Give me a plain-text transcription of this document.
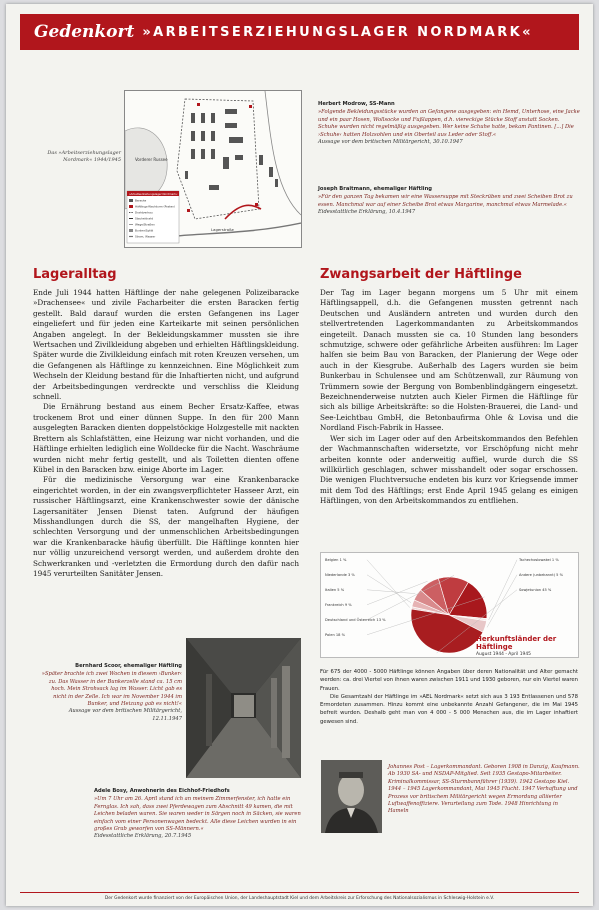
Gedenkort »ARBEITSERZIEHUNGSLAGER NORDMARK«
Das »Arbeitserziehungslager Nordmark« 1944/1945	Vorderer Russee
Lagerstraße
»Arbeitserziehungslager Nordmark«
Baracke
Häftlings-Wachturm (Posten)
Drahtverhau
Stacheldraht
Wege/Straßen
Bunker/Splitt
Strom, Wasser
Herbert Modrow, SS-Mann
»Folgende Bekleidungsstücke wurden an Gefangene ausgegeben: ein Hemd, Unterhose, eine Jacke und ein paar Hosen, Wollsocke und Fußlappen, d.h. viereckige Stücke Stoff anstatt Socken. Schuhe wurden nicht regelmäßig ausgegeben. Wer keine Schuhe hatte, bekam Pantinen. [...] Die ›Schuhe‹ hatten Holzsohlen und ein Oberteil aus Leder oder Stoff.«
Aussage vor dem britischen Militärgericht, 30.10.1947
Joseph Braitmann, ehemaliger Häftling
»Für den ganzen Tag bekamen wir eine Wassersuppe mit Steckrüben und zwei Scheiben Brot zu essen. Manchmal war auf einer Scheibe Brot etwas Margarine, manchmal etwas Marmelade.«
Eidesstattliche Erklärung, 10.4.1947
Lageralltag

Ende Juli 1944 hatten Häftlinge der nahe gelegenen Polizeibaracke »Drachensee« und zivile Facharbeiter die ersten Baracken fertig gestellt. Bald darauf wurden die ersten Gefangenen ins Lager eingeliefert und für jeden eine Karteikarte mit seinen persönlichen Angaben angelegt. In der Bekleidungskammer mussten sie ihre Wertsachen und Zivilkleidung abgeben und erhielten Häftlingskleidung. Später wurde die Zivilkleidung einfach mit roten Kreuzen versehen, um die Gefangenen als Häftlinge zu kennzeichnen. Eine Möglichkeit zum Wechseln der Kleidung bestand für die Inhaftierten nicht, und aufgrund der Arbeitsbedingungen verdreckte und verschliss die Kleidung schnell.

Die Ernährung bestand aus einem Becher Ersatz-Kaffee, etwas trockenem Brot und einer dünnen Suppe. In den für 200 Mann ausgelegten Baracken dienten doppelstöckige Holzgestelle mit nackten Brettern als Schlafstätten, eine Heizung war nicht vorhanden, und die Häftlinge erhielten lediglich eine Wolldecke für die Nacht. Waschräume wurden nicht mehr fertig gestellt, und als Toiletten dienten offene Kübel in den Baracken bzw. einige Aborte im Lager.

Für die medizinische Versorgung war eine Krankenbaracke eingerichtet worden, in der ein zwangsverpflichteter Hasseer Arzt, ein russischer Häftlingsarzt, eine Krankenschwester sowie der dänische Lagersanitäter Jensen Dienst taten. Aufgrund der häufigen Misshandlungen durch die SS, der mangelhaften Hygiene, der schlechten Versorgung und der unmenschlichen Arbeitsbedingungen war die Krankenbaracke häufig überfüllt. Die Häftlinge konnten hier nur völlig unzureichend versorgt werden, und außerdem drohte den Schwerkranken und -verletzten die Ermordung durch den dafür nach 1945 verurteilten Sanitäter Jensen.

Zwangsarbeit der Häftlinge

Der Tag im Lager begann morgens um 5 Uhr mit einem Häftlingsappell, d.h. die Gefangenen mussten getrennt nach Deutschen und Ausländern antreten und wurden durch den stellvertretenden Lagerkommandanten zu Arbeitskommandos eingeteilt. Danach mussten sie ca. 10 Stunden lang besonders schmutzige, schwere oder gefährliche Arbeiten ausführen: Im Lager halfen sie beim Bau von Baracken, der Planierung der Wege oder auch in der Kiesgrube. Außerhalb des Lagers wurden sie beim Bunkerbau in Schulensee und am Schützenwall, zur Räumung von Trümmern sowie der Bergung von Bombenblindgängern eingesetzt. Bezeichnenderweise nutzten auch Kieler Firmen die Häftlinge für sich als billige Arbeitskräfte: so die Holsten-Brauerei, die Land- und See-Leichtbau GmbH, die Betonbaufirma Ohle & Lovisa und die Nordland Fisch-Fabrik in Hassee.

Wer sich im Lager oder auf den Arbeitskommandos den Befehlen der Wachmannschaften widersetzte, vor Erschöpfung nicht mehr arbeiten konnte oder anderweitig auffiel, wurde durch die SS willkürlich geschlagen, schwer misshandelt oder sogar erschossen. Die wenigen Fluchtversuche endeten bis kurz vor Kriegsende immer mit dem Tod des Häftlings; erst Ende April 1945 gelang es einigen Häftlingen, von den Arbeitskommandos zu entfliehen.

Belgien 1 %
Niederlande 3 %
Italien 5 %
Frankreich 9 %
Deutschland und Österreich 13 %
Polen 18 %
Tschechoslowakei 1 %
Andere (unbekannt) 5 %
Sowjetunion 45 %
Herkunftsländer der Häftlinge
August 1944 - April 1945

Für 675 der 4000 - 5000 Häftlinge können Angaben über deren Nationalität und Alter gemacht werden: ca. drei Viertel von ihnen waren zwischen 1911 und 1930 geboren, nur ein Viertel waren Frauen.

Die Gesamtzahl der Häftlinge im »AEL Nordmark« setzt sich aus 3 193 Entlassenen und 578 Ermordeten zusammen. Hinzu kommt eine unbekannte Anzahl Gefangener, die im Mai 1945 befreit wurden. Deshalb geht man von 4 000 - 5 000 Menschen aus, die im Lager inhaftiert gewesen sind.

Bernhard Scoor, ehemaliger Häftling
»Später brachte ich zwei Wochen in diesem ›Bunker‹ zu. Das Wasser in der Bunkerzelle stand ca. 15 cm hoch. Mein Strohsack lag im Wasser. Licht gab es nicht in der Zelle. Ich war im November 1944 im Bunker, und Heizung gab es nicht!«
Aussage vor dem britischen Militärgericht, 12.11.1947
Adele Bosy, Anwohnerin des Eichhof-Friedhofs
»Um 7 Uhr am 26. April stand ich an meinem Zimmerfenster, ich hatte ein Fernglas. Ich sah, dass zwei Pferdewagen zum Abschnitt 49 kamen, die mit Leichen beladen waren. Sie waren weder in Särgen noch in Säcken, sie waren einfach vom einer Personenwagen bedeckt. Alle diese Leichen wurden in ein großes Grab geworfen von SS-Männern.«
Eidesstattliche Erklärung, 20.7.1945
Johannes Post – Lagerkommandant. Geboren 1908 in Danzig, Kaufmann. Ab 1930 SA- und NSDAP-Mitglied. Seit 1935 Gestapo-Mitarbeiter. Kriminalkommissar, SS-Sturmbannführer (1939). 1942 Gestapo Kiel. 1944 – 1945 Lagerkommandant, Mai 1945 Flucht. 1947 Verhaftung und Prozess vor britischem Militärgericht wegen Ermordung alliierter Luftwaffenoffiziere. Verurteilung zum Tode. 1948 Hinrichtung in Hameln
Der Gedenkort wurde finanziert von der Europäischen Union, der Landeshauptstadt Kiel und dem Arbeitskreis zur Erforschung des Nationalsozialismus in Schleswig-Holstein e.V.
